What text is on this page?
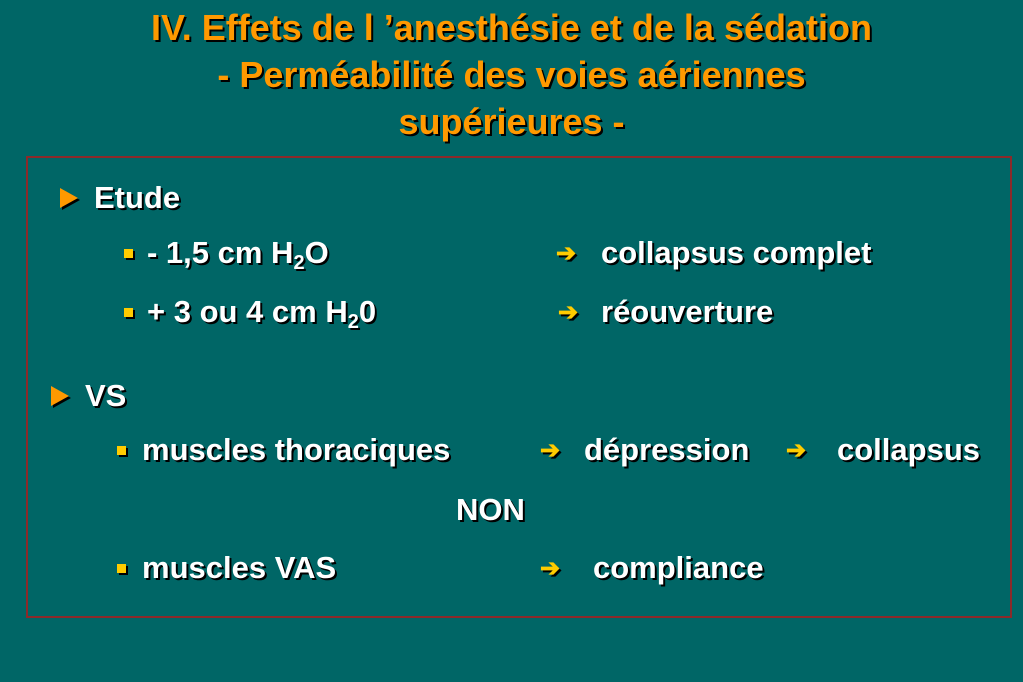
IV. Effets de l ’anesthésie et de la sédation
- Perméabilité des voies aériennes
supérieures -
Etude
- 1,5 cm $H_2O$	➔ collapsus complet
+ 3 ou 4 cm $H_20$	➔ réouverture
VS
muscles thoraciques	➔ dépression ➔ collapsus
NON
muscles VAS	➔ compliance
